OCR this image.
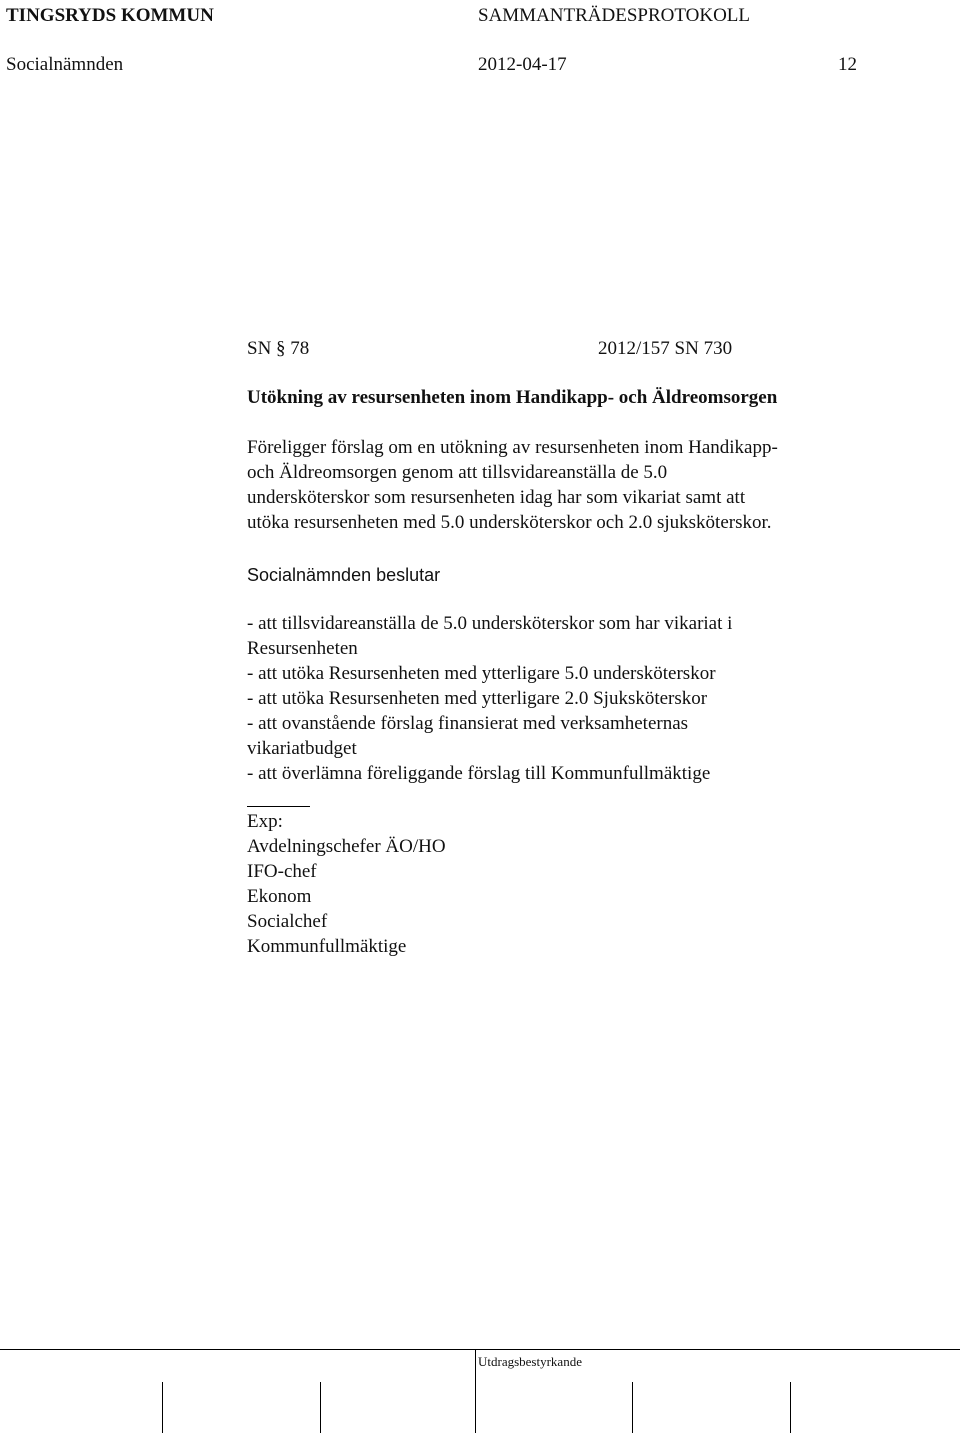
TINGSRYDS KOMMUN	SAMMANTRÄDESPROTOKOLL
Socialnämnden	2012-04-17	12
SN § 78	2012/157 SN 730
Utökning av resursenheten inom Handikapp- och Äldreomsorgen
Föreligger förslag om en utökning av resursenheten inom Handikapp-
och Äldreomsorgen genom att tillsvidareanställa de 5.0
undersköterskor som resursenheten idag har som vikariat samt att
utöka resursenheten med 5.0 undersköterskor och 2.0 sjuksköterskor.
Socialnämnden beslutar
- att tillsvidareanställa de 5.0 undersköterskor som har vikariat i
Resursenheten
- att utöka Resursenheten med ytterligare 5.0 undersköterskor
- att utöka Resursenheten med ytterligare 2.0 Sjuksköterskor
- att ovanstående förslag finansierat med verksamheternas
vikariatbudget
- att överlämna föreliggande förslag till Kommunfullmäktige
Exp:
Avdelningschefer ÄO/HO
IFO-chef
Ekonom
Socialchef
Kommunfullmäktige
Utdragsbestyrkande
